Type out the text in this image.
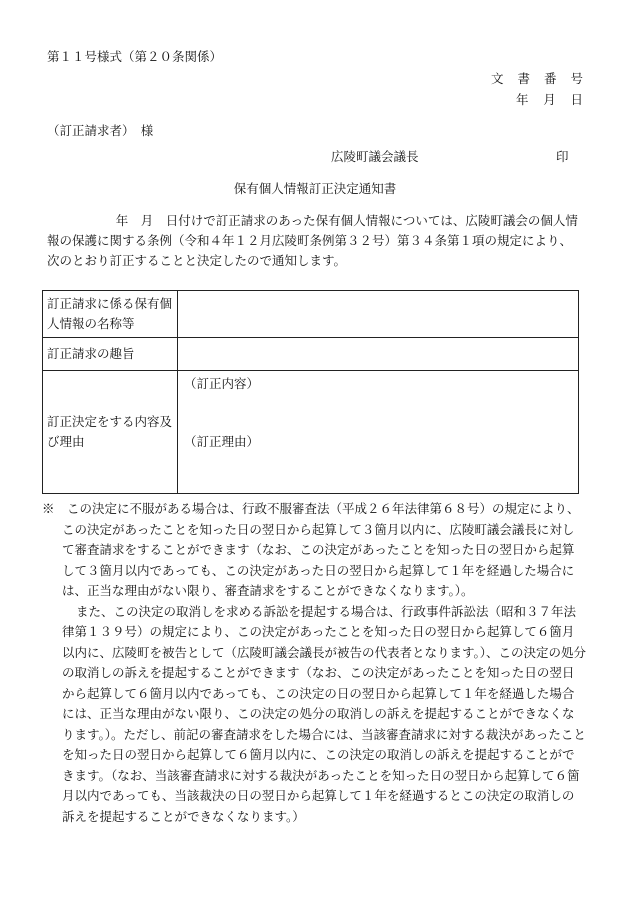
第１１号様式（第２０条関係）
文書番号
年月日
（訂正請求者）　様
広陵町議会議長	印
保有個人情報訂正決定通知書

年　月　日付けで訂正請求のあった保有個人情報については、広陵町議会の個人情報の保護に関する条例（令和４年１２月広陵町条例第３２号）第３４条第１項の規定により、次のとおり訂正することと決定したので通知します。

訂正請求に係る保有個人情報の名称等	
訂正請求の趣旨	
訂正決定をする内容及び理由	（訂正内容）
（訂正理由）

※　この決定に不服がある場合は、行政不服審査法（平成２６年法律第６８号）の規定により、この決定があったことを知った日の翌日から起算して３箇月以内に、広陵町議会議長に対して審査請求をすることができます（なお、この決定があったことを知った日の翌日から起算して３箇月以内であっても、この決定があった日の翌日から起算して１年を経過した場合には、正当な理由がない限り、審査請求をすることができなくなります。）。

また、この決定の取消しを求める訴訟を提起する場合は、行政事件訴訟法（昭和３７年法律第１３９号）の規定により、この決定があったことを知った日の翌日から起算して６箇月以内に、広陵町を被告として（広陵町議会議長が被告の代表者となります。）、この決定の処分の取消しの訴えを提起することができます（なお、この決定があったことを知った日の翌日から起算して６箇月以内であっても、この決定の日の翌日から起算して１年を経過した場合には、正当な理由がない限り、この決定の処分の取消しの訴えを提起することができなくなります。）。ただし、前記の審査請求をした場合には、当該審査請求に対する裁決があったことを知った日の翌日から起算して６箇月以内に、この決定の取消しの訴えを提起することができます。（なお、当該審査請求に対する裁決があったことを知った日の翌日から起算して６箇月以内であっても、当該裁決の日の翌日から起算して１年を経過するとこの決定の取消しの訴えを提起することができなくなります。）
